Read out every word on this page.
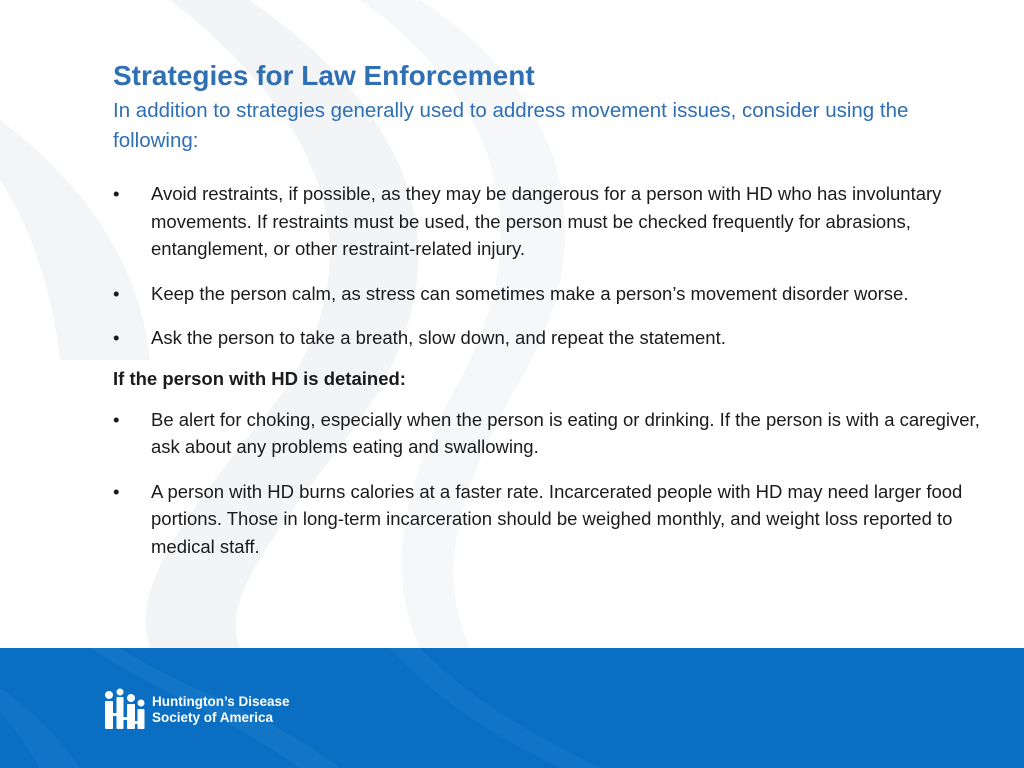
Strategies for Law Enforcement

In addition to strategies generally used to address movement issues, consider using the following:

•	Avoid restraints, if possible, as they may be dangerous for a person with HD who has involuntary movements. If restraints must be used, the person must be checked frequently for abrasions, entanglement, or other restraint-related injury.
•	Keep the person calm, as stress can sometimes make a person’s movement disorder worse.
•	Ask the person to take a breath, slow down, and repeat the statement.
If the person with HD is detained:
•	Be alert for choking, especially when the person is eating or drinking. If the person is with a caregiver, ask about any problems eating and swallowing.
•	A person with HD burns calories at a faster rate. Incarcerated people with HD may need larger food portions. Those in long-term incarceration should be weighed monthly, and weight loss reported to medical staff.
Huntington’s Disease
Society of America
